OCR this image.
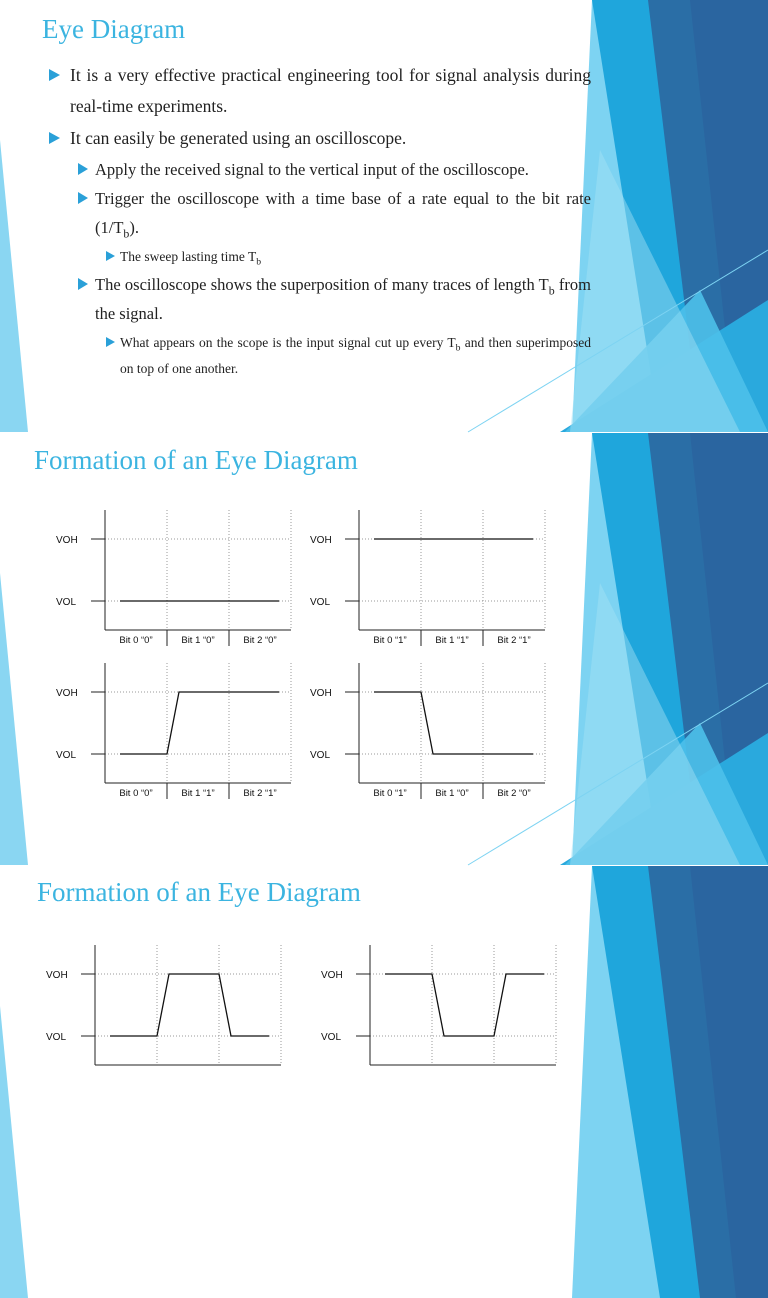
Eye Diagram
It is a very effective practical engineering tool for signal analysis during real-time experiments.
It can easily be generated using an oscilloscope.
Apply the received signal to the vertical input of the oscilloscope.
Trigger the oscilloscope with a time base of a rate equal to the bit rate $(1/T_b)$.
The sweep lasting time $T_b$
The oscilloscope shows the superposition of many traces of length $T_b$ from the signal.
What appears on the scope is the input signal cut up every $T_b$ and then superimposed on top of one another.
Formation of an Eye Diagram
VOH
VOL
Bit 0 “0”	Bit 1 “0”	Bit 2 “0”
VOH
VOL
Bit 0 “1”	Bit 1 “1”	Bit 2 “1”
VOH
VOL
Bit 0 “0”	Bit 1 “1”	Bit 2 “1”
VOH
VOL
Bit 0 “1”	Bit 1 “0”	Bit 2 “0”
Formation of an Eye Diagram
VOH
VOL
VOH
VOL
